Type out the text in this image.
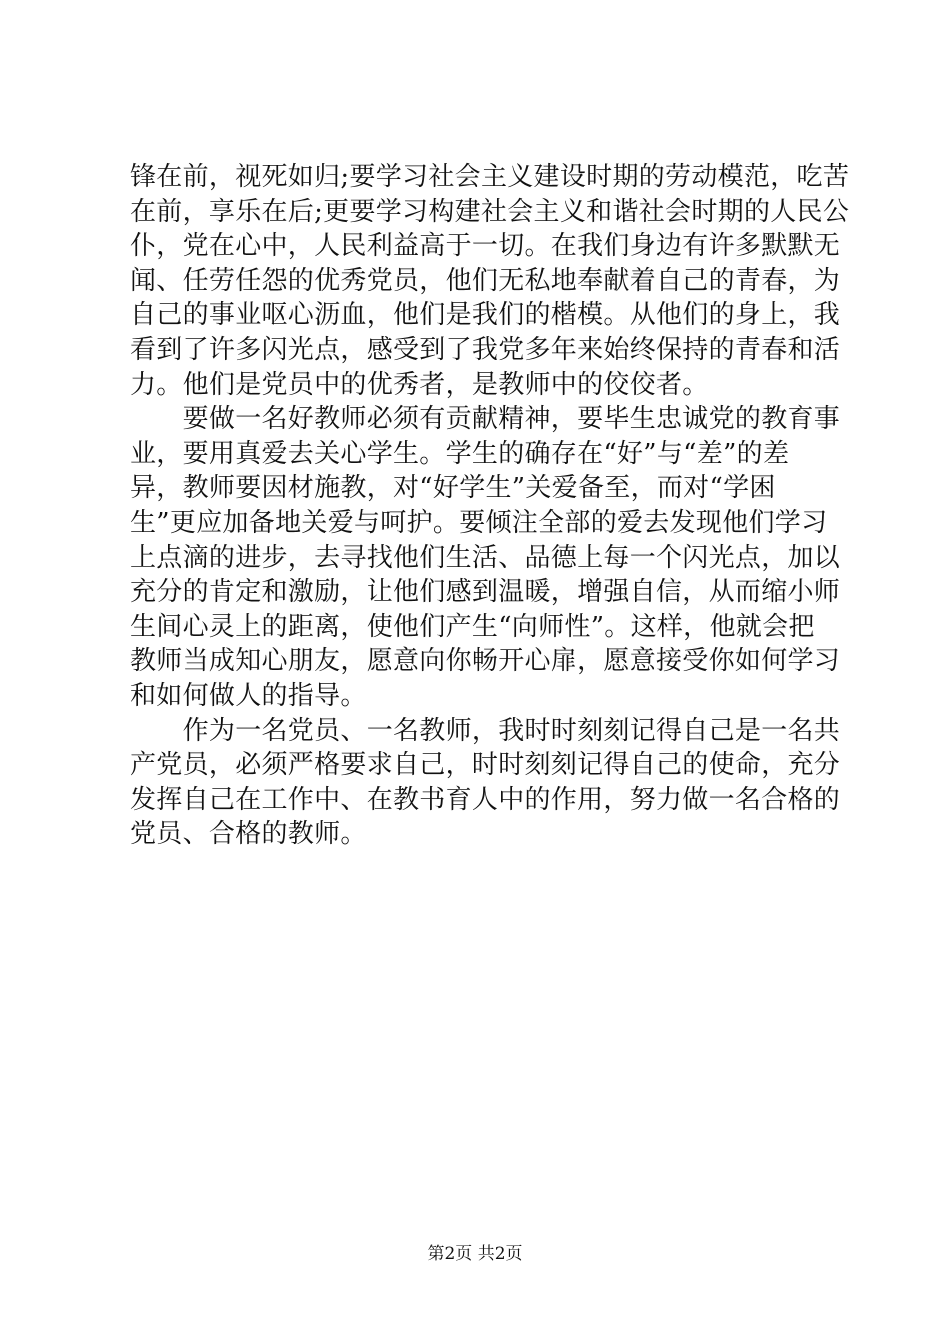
锋在前，视死如归;要学习社会主义建设时期的劳动模范，吃苦
在前，享乐在后;更要学习构建社会主义和谐社会时期的人民公
仆，党在心中，人民利益高于一切。在我们身边有许多默默无
闻、任劳任怨的优秀党员，他们无私地奉献着自己的青春，为
自己的事业呕心沥血，他们是我们的楷模。从他们的身上，我
看到了许多闪光点，感受到了我党多年来始终保持的青春和活
力。他们是党员中的优秀者，是教师中的佼佼者。
　　要做一名好教师必须有贡献精神，要毕生忠诚党的教育事
业，要用真爱去关心学生。学生的确存在“好”与“差”的差
异，教师要因材施教，对“好学生”关爱备至，而对“学困
生”更应加备地关爱与呵护。要倾注全部的爱去发现他们学习
上点滴的进步，去寻找他们生活、品德上每一个闪光点，加以
充分的肯定和激励，让他们感到温暖，增强自信，从而缩小师
生间心灵上的距离，使他们产生“向师性”。这样，他就会把
教师当成知心朋友，愿意向你畅开心扉，愿意接受你如何学习
和如何做人的指导。
　　作为一名党员、一名教师，我时时刻刻记得自己是一名共
产党员，必须严格要求自己，时时刻刻记得自己的使命，充分
发挥自己在工作中、在教书育人中的作用，努力做一名合格的
党员、合格的教师。
第2页 共2页
